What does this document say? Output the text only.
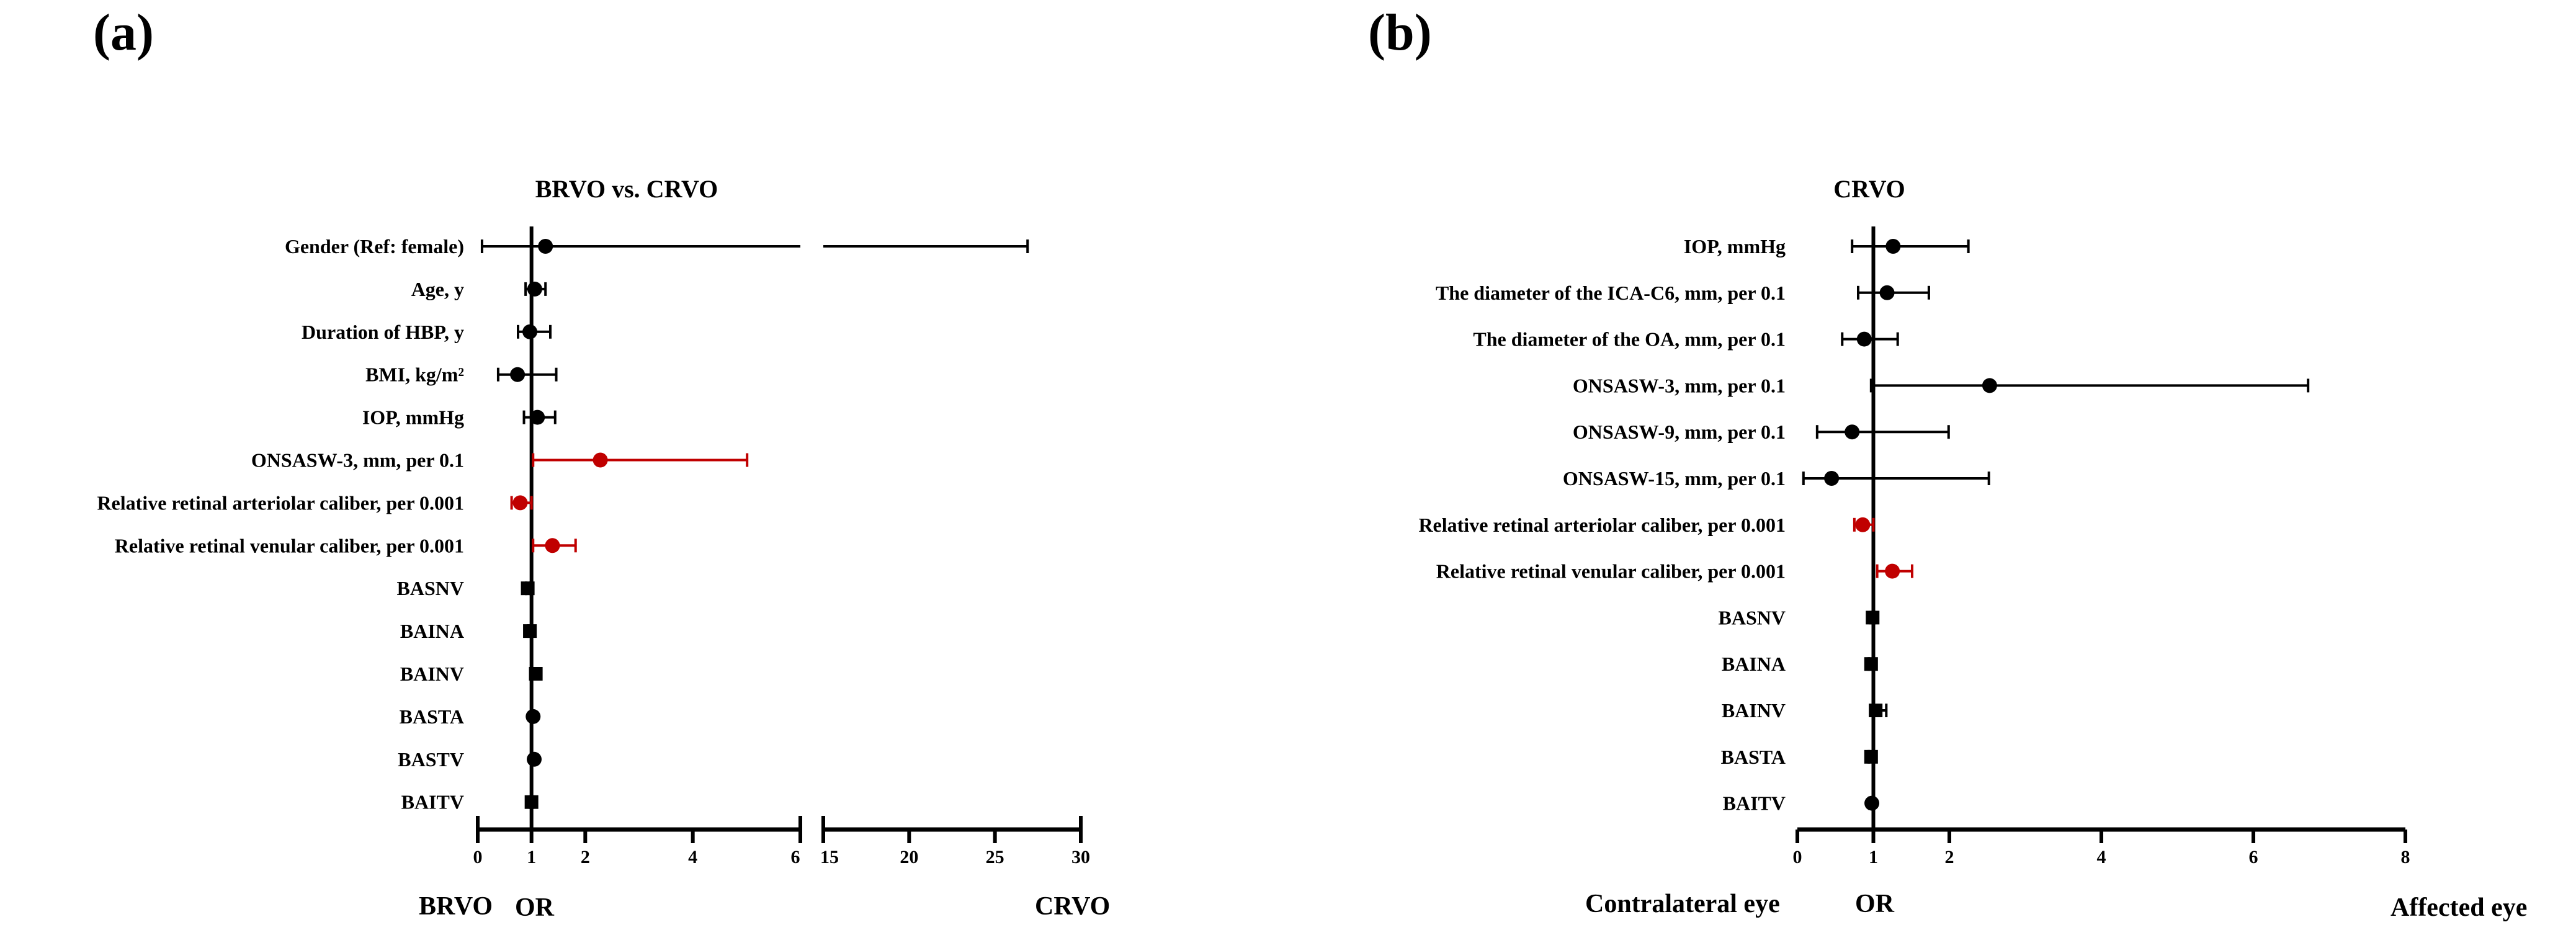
(a)
BRVO vs. CRVO
BRVO OR	CRVO
0 1 2	4	6 15	20	25	30
Gender (Ref: female)
Age, y
Duration of HBP, y
BMI, kg/m²
IOP, mmHg
ONSASW-3, mm, per 0.1
Relative retinal arteriolar caliber, per 0.001
Relative retinal venular caliber, per 0.001
BASNV
BAINA
BAINV
BASTA
BASTV
BAITV
(b)
CRVO
Contralateral eye	OR	Affected eye
0	1	2	4	6	8
IOP, mmHg
The diameter of the ICA-C6, mm, per 0.1
The diameter of the OA, mm, per 0.1
ONSASW-3, mm, per 0.1
ONSASW-9, mm, per 0.1
ONSASW-15, mm, per 0.1
Relative retinal arteriolar caliber, per 0.001
Relative retinal venular caliber, per 0.001
BASNV
BAINA
BAINV
BASTA
BAITV
